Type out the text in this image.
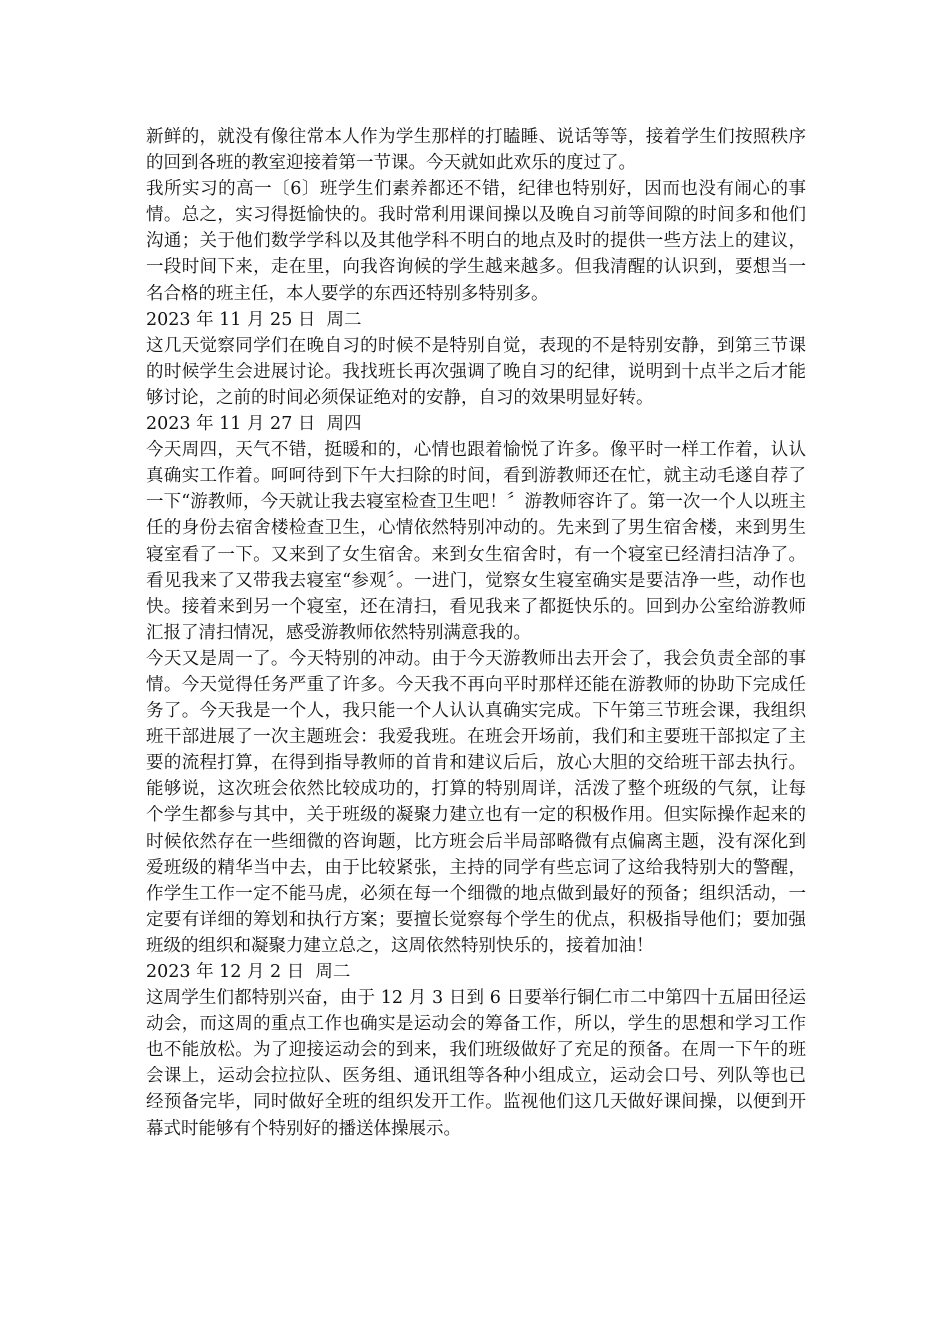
新鲜的，就没有像往常本人作为学生那样的打瞌睡、说话等等，接着学生们按照秩序的回到各班的教室迎接着第一节课。今天就如此欢乐的度过了。

我所实习的高一〔6〕班学生们素养都还不错，纪律也特别好，因而也没有闹心的事情。总之，实习得挺愉快的。我时常利用课间操以及晚自习前等间隙的时间多和他们沟通；关于他们数学学科以及其他学科不明白的地点及时的提供一些方法上的建议，一段时间下来，走在里，向我咨询候的学生越来越多。但我清醒的认识到，要想当一名合格的班主任，本人要学的东西还特别多特别多。

2023 年 11 月 25 日  周二

这几天觉察同学们在晚自习的时候不是特别自觉，表现的不是特别安静，到第三节课的时候学生会进展讨论。我找班长再次强调了晚自习的纪律，说明到十点半之后才能够讨论，之前的时间必须保证绝对的安静，自习的效果明显好转。

2023 年 11 月 27 日  周四

今天周四，天气不错，挺暖和的，心情也跟着愉悦了许多。像平时一样工作着，认认真确实工作着。呵呵待到下午大扫除的时间，看到游教师还在忙，就主动毛遂自荐了一下“游教师，今天就让我去寝室检查卫生吧！〞游教师容许了。第一次一个人以班主任的身份去宿舍楼检查卫生，心情依然特别冲动的。先来到了男生宿舍楼，来到男生寝室看了一下。又来到了女生宿舍。来到女生宿舍时，有一个寝室已经清扫洁净了。看见我来了又带我去寝室“参观〞。一进门，觉察女生寝室确实是要洁净一些，动作也快。接着来到另一个寝室，还在清扫，看见我来了都挺快乐的。回到办公室给游教师汇报了清扫情况，感受游教师依然特别满意我的。

今天又是周一了。今天特别的冲动。由于今天游教师出去开会了，我会负责全部的事情。今天觉得任务严重了许多。今天我不再向平时那样还能在游教师的协助下完成任务了。今天我是一个人，我只能一个人认认真确实完成。下午第三节班会课，我组织班干部进展了一次主题班会：我爱我班。在班会开场前，我们和主要班干部拟定了主要的流程打算，在得到指导教师的首肯和建议后后，放心大胆的交给班干部去执行。能够说，这次班会依然比较成功的，打算的特别周详，活泼了整个班级的气氛，让每个学生都参与其中，关于班级的凝聚力建立也有一定的积极作用。但实际操作起来的时候依然存在一些细微的咨询题，比方班会后半局部略微有点偏离主题，没有深化到爱班级的精华当中去，由于比较紧张，主持的同学有些忘词了这给我特别大的警醒，作学生工作一定不能马虎，必须在每一个细微的地点做到最好的预备；组织活动，一定要有详细的筹划和执行方案；要擅长觉察每个学生的优点，积极指导他们；要加强班级的组织和凝聚力建立总之，这周依然特别快乐的，接着加油！

2023 年 12 月 2 日  周二

这周学生们都特别兴奋，由于 12 月 3 日到 6 日要举行铜仁市二中第四十五届田径运动会，而这周的重点工作也确实是运动会的筹备工作，所以，学生的思想和学习工作也不能放松。为了迎接运动会的到来，我们班级做好了充足的预备。在周一下午的班会课上，运动会拉拉队、医务组、通讯组等各种小组成立，运动会口号、列队等也已经预备完毕，同时做好全班的组织发开工作。监视他们这几天做好课间操，以便到开幕式时能够有个特别好的播送体操展示。
